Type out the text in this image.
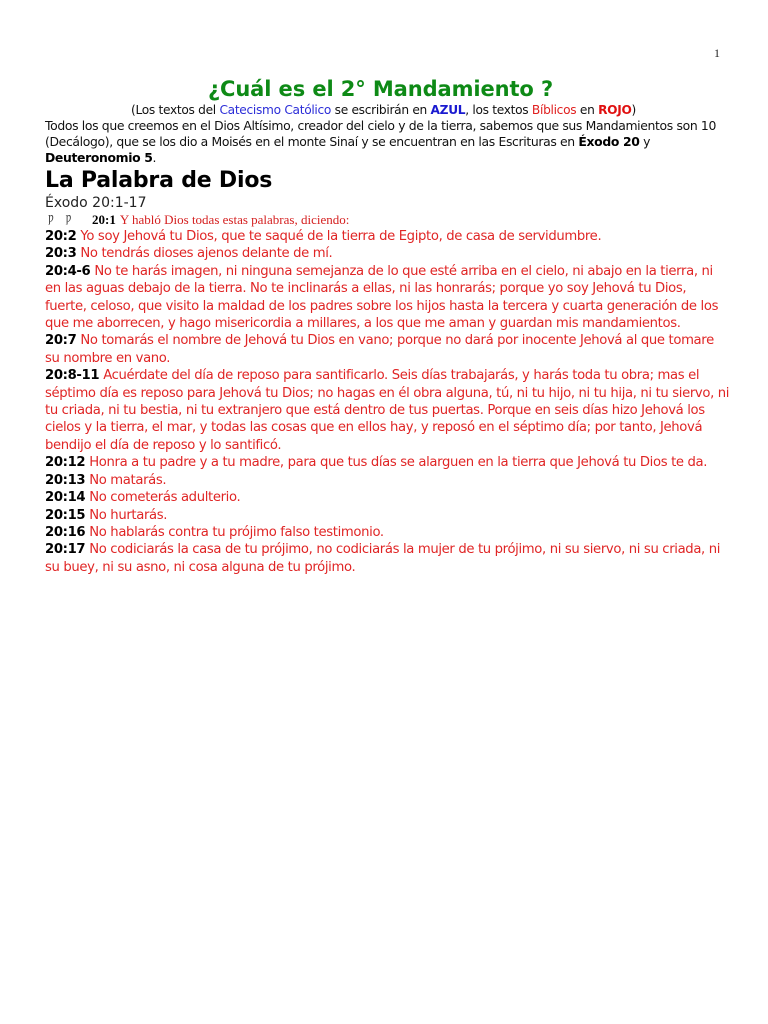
1
¿Cuál es el 2° Mandamiento ?
(Los textos del Catecismo Católico se escribirán en AZUL, los textos Bíblicos en ROJO)
Todos los que creemos en el Dios Altísimo, creador del cielo y de la tierra, sabemos que sus Mandamientos son 10 (Decálogo), que se los dio a Moisés en el monte Sinaí y se encuentran en las Escrituras en Éxodo 20 y Deuteronomio 5.
La Palabra de Dios
Éxodo 20:1-17
Ƿ Ƿ 20:1 Y habló Dios todas estas palabras, diciendo:
20:2 Yo soy Jehová tu Dios, que te saqué de la tierra de Egipto, de casa de servidumbre.
20:3 No tendrás dioses ajenos delante de mí.
20:4-6 No te harás imagen, ni ninguna semejanza de lo que esté arriba en el cielo, ni abajo en la tierra, ni en las aguas debajo de la tierra. No te inclinarás a ellas, ni las honrarás; porque yo soy Jehová tu Dios, fuerte, celoso, que visito la maldad de los padres sobre los hijos hasta la tercera y cuarta generación de los que me aborrecen, y hago misericordia a millares, a los que me aman y guardan mis mandamientos.
20:7 No tomarás el nombre de Jehová tu Dios en vano; porque no dará por inocente Jehová al que tomare su nombre en vano.
20:8-11 Acuérdate del día de reposo para santificarlo. Seis días trabajarás, y harás toda tu obra; mas el séptimo día es reposo para Jehová tu Dios; no hagas en él obra alguna, tú, ni tu hijo, ni tu hija, ni tu siervo, ni tu criada, ni tu bestia, ni tu extranjero que está dentro de tus puertas. Porque en seis días hizo Jehová los cielos y la tierra, el mar, y todas las cosas que en ellos hay, y reposó en el séptimo día; por tanto, Jehová bendijo el día de reposo y lo santificó.
20:12 Honra a tu padre y a tu madre, para que tus días se alarguen en la tierra que Jehová tu Dios te da.
20:13 No matarás.
20:14 No cometerás adulterio.
20:15 No hurtarás.
20:16 No hablarás contra tu prójimo falso testimonio.
20:17 No codiciarás la casa de tu prójimo, no codiciarás la mujer de tu prójimo, ni su siervo, ni su criada, ni su buey, ni su asno, ni cosa alguna de tu prójimo.
